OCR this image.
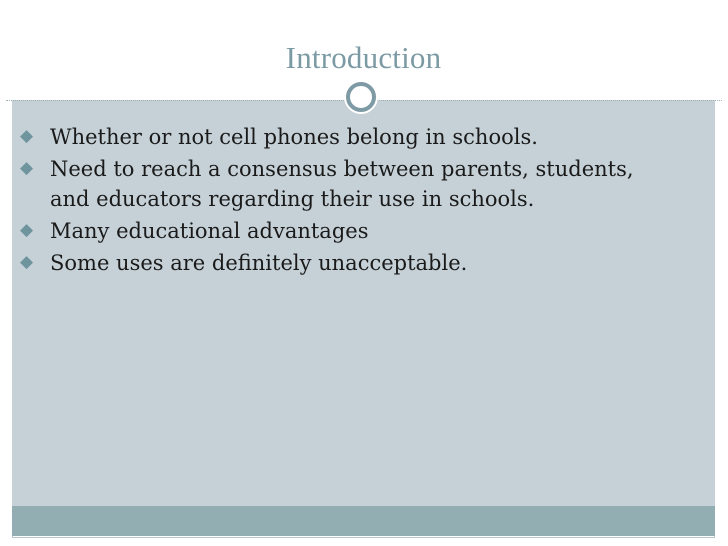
Introduction
◆ Whether or not cell phones belong in schools.
◆ Need to reach a consensus between parents, students, and educators regarding their use in schools.
◆ Many educational advantages
◆ Some uses are definitely unacceptable.
